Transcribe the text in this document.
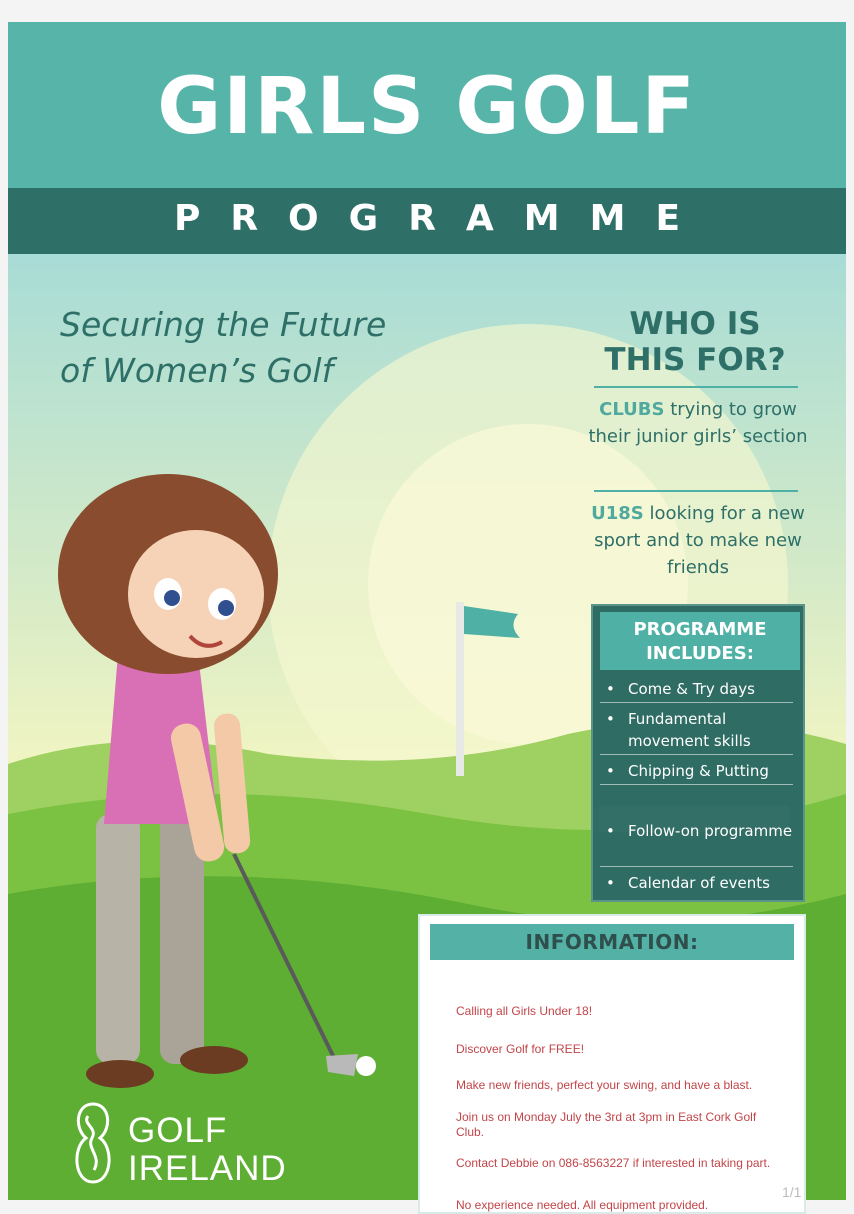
GIRLS GOLF
PROGRAMME
Securing the Future
of Women’s Golf
WHO IS
THIS FOR?
CLUBS trying to grow their junior girls’ section
U18S looking for a new sport and to make new friends
PROGRAMME
INCLUDES:
• Come & Try days
• Fundamental movement skills
• Chipping & Putting
• Follow-on programme
• Calendar of events
INFORMATION:
Calling all Girls Under 18!
Discover Golf for FREE!
Make new friends, perfect your swing, and have a blast.
Join us on Monday July the 3rd at 3pm in East Cork Golf Club.
Contact Debbie on 086-8563227 if interested in taking part.
No experience needed. All equipment provided.
GOLF
IRELAND
1/1
